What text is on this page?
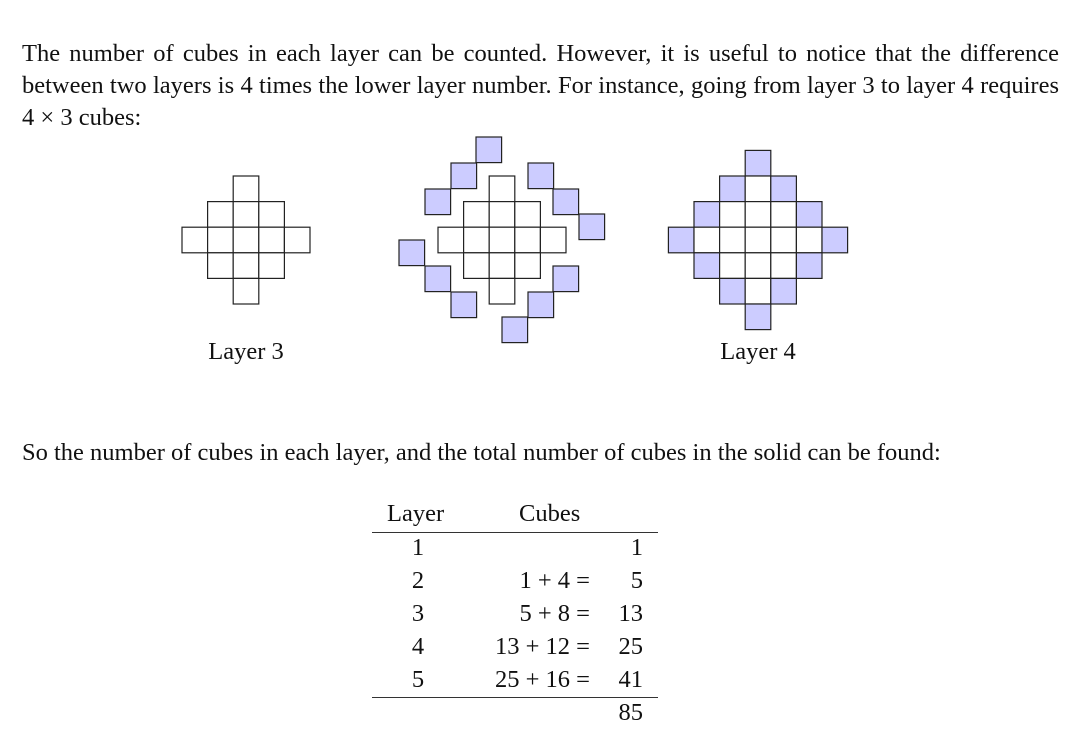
The number of cubes in each layer can be counted. However, it is useful to notice that the difference between two layers is 4 times the lower layer number. For instance, going from layer 3 to layer 4 requires 4 × 3 cubes:

Layer 3	Layer 4

So the number of cubes in each layer, and the total number of cubes in the solid can be found:

Layer	Cubes
1	1
2	1 + 4 = 5
3	5 + 8 = 13
4	13 + 12 = 25
5	25 + 16 = 41
85
